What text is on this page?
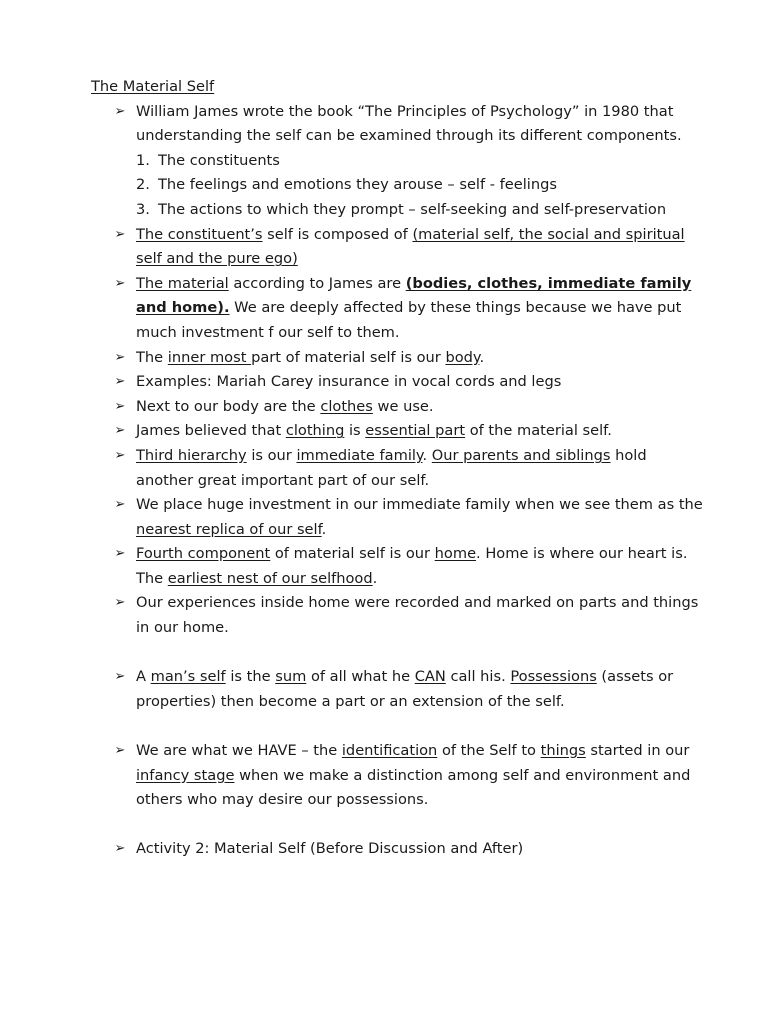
The Material Self
➢ William James wrote the book “The Principles of Psychology” in 1980 that understanding the self can be examined through its different components.
1. The constituents
2. The feelings and emotions they arouse – self - feelings
3. The actions to which they prompt – self-seeking and self-preservation
➢ The constituent’s self is composed of (material self, the social and spiritual self and the pure ego)
➢ The material according to James are (bodies, clothes, immediate family and home). We are deeply affected by these things because we have put much investment f our self to them.
➢ The inner most part of material self is our body.
➢ Examples: Mariah Carey insurance in vocal cords and legs
➢ Next to our body are the clothes we use.
➢ James believed that clothing is essential part of the material self.
➢ Third hierarchy is our immediate family. Our parents and siblings hold another great important part of our self.
➢ We place huge investment in our immediate family when we see them as the nearest replica of our self.
➢ Fourth component of material self is our home. Home is where our heart is. The earliest nest of our selfhood.
➢ Our experiences inside home were recorded and marked on parts and things in our home.
➢ A man’s self is the sum of all what he CAN call his. Possessions (assets or properties) then become a part or an extension of the self.
➢ We are what we HAVE – the identification of the Self to things started in our infancy stage when we make a distinction among self and environment and others who may desire our possessions.
➢ Activity 2: Material Self (Before Discussion and After)
